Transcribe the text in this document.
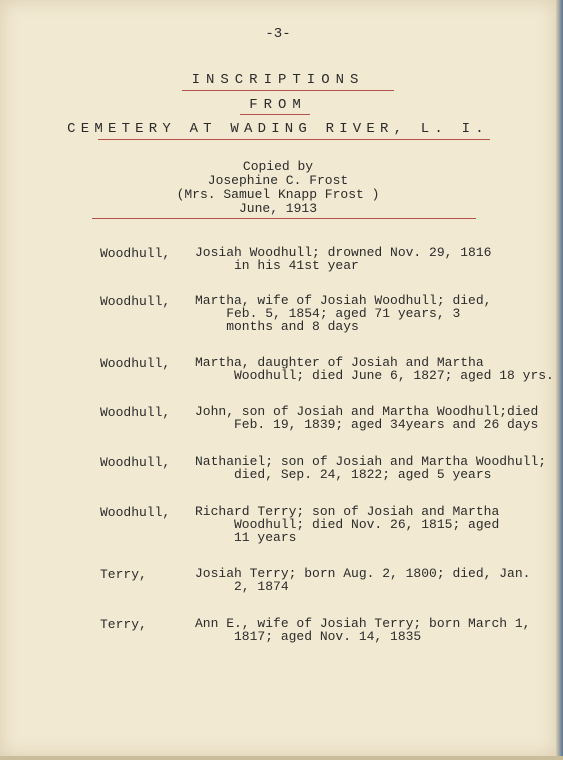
-3-
INSCRIPTIONS
FROM
CEMETERY AT WADING RIVER, L. I.
Copied by
Josephine C. Frost
(Mrs. Samuel Knapp Frost )
June, 1913
Woodhull, Josiah Woodhull; drowned Nov. 29, 1816
in his 41st year
Woodhull, Martha, wife of Josiah Woodhull; died,
Feb. 5, 1854; aged 71 years, 3
months and 8 days
Woodhull, Martha, daughter of Josiah and Martha
Woodhull; died June 6, 1827; aged 18 yrs.
Woodhull, John, son of Josiah and Martha Woodhull;died
Feb. 19, 1839; aged 34years and 26 days
Woodhull, Nathaniel; son of Josiah and Martha Woodhull;
died, Sep. 24, 1822; aged 5 years
Woodhull, Richard Terry; son of Josiah and Martha
Woodhull; died Nov. 26, 1815; aged
11 years
Terry,	Josiah Terry; born Aug. 2, 1800; died, Jan.
2, 1874
Terry,	Ann E., wife of Josiah Terry; born March 1,
1817; aged Nov. 14, 1835
